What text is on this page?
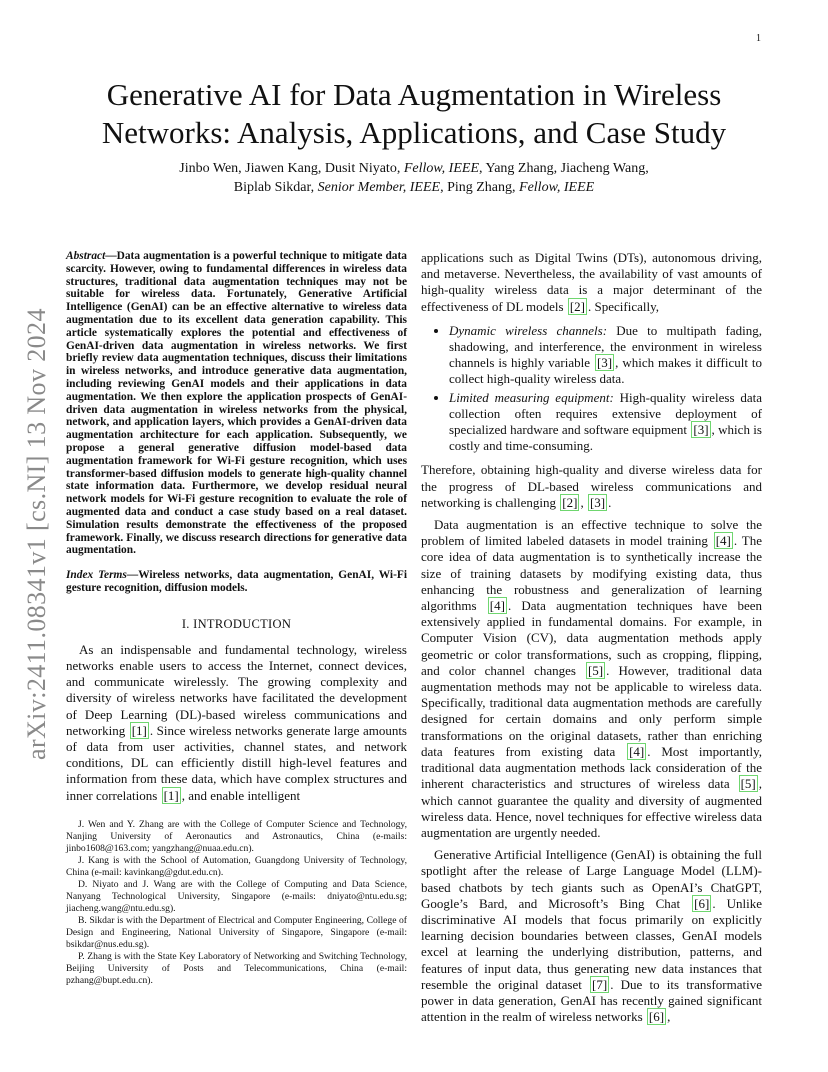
1
arXiv:2411.08341v1 [cs.NI] 13 Nov 2024
Generative AI for Data Augmentation in Wireless Networks: Analysis, Applications, and Case Study
Jinbo Wen, Jiawen Kang, Dusit Niyato, Fellow, IEEE, Yang Zhang, Jiacheng Wang,
Biplab Sikdar, Senior Member, IEEE, Ping Zhang, Fellow, IEEE

Abstract—Data augmentation is a powerful technique to mitigate data scarcity. However, owing to fundamental differences in wireless data structures, traditional data augmentation techniques may not be suitable for wireless data. Fortunately, Generative Artificial Intelligence (GenAI) can be an effective alternative to wireless data augmentation due to its excellent data generation capability. This article systematically explores the potential and effectiveness of GenAI-driven data augmentation in wireless networks. We first briefly review data augmentation techniques, discuss their limitations in wireless networks, and introduce generative data augmentation, including reviewing GenAI models and their applications in data augmentation. We then explore the application prospects of GenAI-driven data augmentation in wireless networks from the physical, network, and application layers, which provides a GenAI-driven data augmentation architecture for each application. Subsequently, we propose a general generative diffusion model-based data augmentation framework for Wi-Fi gesture recognition, which uses transformer-based diffusion models to generate high-quality channel state information data. Furthermore, we develop residual neural network models for Wi-Fi gesture recognition to evaluate the role of augmented data and conduct a case study based on a real dataset. Simulation results demonstrate the effectiveness of the proposed framework. Finally, we discuss research directions for generative data augmentation.

Index Terms—Wireless networks, data augmentation, GenAI, Wi-Fi gesture recognition, diffusion models.

I. INTRODUCTION

As an indispensable and fundamental technology, wireless networks enable users to access the Internet, connect devices, and communicate wirelessly. The growing complexity and diversity of wireless networks have facilitated the development of Deep Learning (DL)-based wireless communications and networking [1] . Since wireless networks generate large amounts of data from user activities, channel states, and network conditions, DL can efficiently distill high-level features and information from these data, which have complex structures and inner correlations [1] , and enable intelligent

J. Wen and Y. Zhang are with the College of Computer Science and Technology, Nanjing University of Aeronautics and Astronautics, China (e-mails: jinbo1608@163.com; yangzhang@nuaa.edu.cn).

J. Kang is with the School of Automation, Guangdong University of Technology, China (e-mail: kavinkang@gdut.edu.cn).

D. Niyato and J. Wang are with the College of Computing and Data Science, Nanyang Technological University, Singapore (e-mails: dniyato@ntu.edu.sg; jiacheng.wang@ntu.edu.sg).

B. Sikdar is with the Department of Electrical and Computer Engineering, College of Design and Engineering, National University of Singapore, Singapore (e-mail: bsikdar@nus.edu.sg).

P. Zhang is with the State Key Laboratory of Networking and Switching Technology, Beijing University of Posts and Telecommunications, China (e-mail: pzhang@bupt.edu.cn).

applications such as Digital Twins (DTs), autonomous driving, and metaverse. Nevertheless, the availability of vast amounts of high-quality wireless data is a major determinant of the effectiveness of DL models [2] . Specifically,

• Dynamic wireless channels: Due to multipath fading, shadowing, and interference, the environment in wireless channels is highly variable [3] , which makes it difficult to collect high-quality wireless data.
• Limited measuring equipment: High-quality wireless data collection often requires extensive deployment of specialized hardware and software equipment [3] , which is costly and time-consuming.

Therefore, obtaining high-quality and diverse wireless data for the progress of DL-based wireless communications and networking is challenging [2] , [3] .

Data augmentation is an effective technique to solve the problem of limited labeled datasets in model training [4] . The core idea of data augmentation is to synthetically increase the size of training datasets by modifying existing data, thus enhancing the robustness and generalization of learning algorithms [4] . Data augmentation techniques have been extensively applied in fundamental domains. For example, in Computer Vision (CV), data augmentation methods apply geometric or color transformations, such as cropping, flipping, and color channel changes [5] . However, traditional data augmentation methods may not be applicable to wireless data. Specifically, traditional data augmentation methods are carefully designed for certain domains and only perform simple transformations on the original datasets, rather than enriching data features from existing data [4] . Most importantly, traditional data augmentation methods lack consideration of the inherent characteristics and structures of wireless data [5] , which cannot guarantee the quality and diversity of augmented wireless data. Hence, novel techniques for effective wireless data augmentation are urgently needed.

Generative Artificial Intelligence (GenAI) is obtaining the full spotlight after the release of Large Language Model (LLM)-based chatbots by tech giants such as OpenAI’s ChatGPT, Google’s Bard, and Microsoft’s Bing Chat [6] . Unlike discriminative AI models that focus primarily on explicitly learning decision boundaries between classes, GenAI models excel at learning the underlying distribution, patterns, and features of input data, thus generating new data instances that resemble the original dataset [7] . Due to its transformative power in data generation, GenAI has recently gained significant attention in the realm of wireless networks [6] ,
